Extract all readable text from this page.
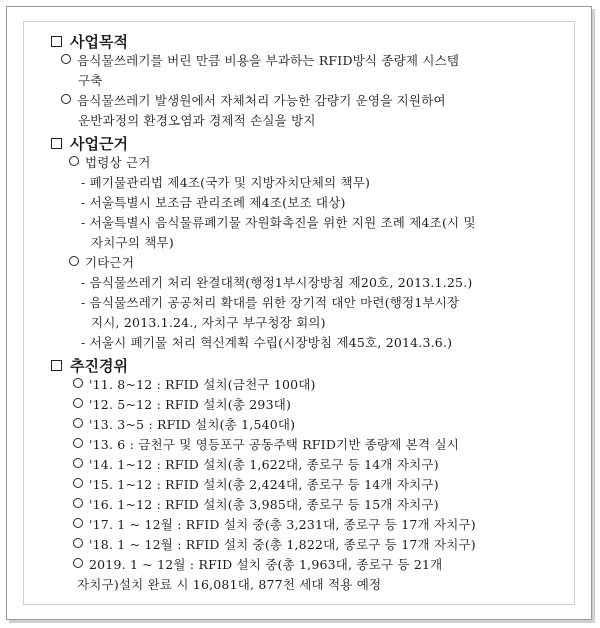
사업목적
음식물쓰레기를 버린 만큼 비용을 부과하는 RFID방식 종량제 시스템
구축
음식물쓰레기 발생원에서 자체처리 가능한 감량기 운영을 지원하여
운반과정의 환경오염과 경제적 손실을 방지
사업근거
법령상 근거
- 폐기물관리법 제4조(국가 및 지방자치단체의 책무)
- 서울특별시 보조금 관리조례 제4조(보조 대상)
- 서울특별시 음식물류폐기물 자원화촉진을 위한 지원 조례 제4조(시 및
자치구의 책무)
기타근거
- 음식물쓰레기 처리 완결대책(행정1부시장방침 제20호, 2013.1.25.)
- 음식물쓰레기 공공처리 확대를 위한 장기적 대안 마련(행정1부시장
지시, 2013.1.24., 자치구 부구청장 회의)
- 서울시 폐기물 처리 혁신계획 수립(시장방침 제45호, 2014.3.6.)
추진경위
'11. 8~12 : RFID 설치(금천구 100대)
'12. 5~12 : RFID 설치(총 293대)
'13. 3~5 : RFID 설치(총 1,540대)
'13. 6 : 금천구 및 영등포구 공동주택 RFID기반 종량제 본격 실시
'14. 1~12 : RFID 설치(총 1,622대, 종로구 등 14개 자치구)
'15. 1~12 : RFID 설치(총 2,424대, 종로구 등 14개 자치구)
'16. 1~12 : RFID 설치(총 3,985대, 종로구 등 15개 자치구)
'17. 1 ~ 12월 : RFID 설치 중(총 3,231대, 종로구 등 17개 자치구)
'18. 1 ~ 12월 : RFID 설치 중(총 1,822대, 종로구 등 17개 자치구)
2019. 1 ~ 12월 : RFID 설치 중(총 1,963대, 종로구 등 21개
자치구)설치 완료 시 16,081대, 877천 세대 적용 예정
